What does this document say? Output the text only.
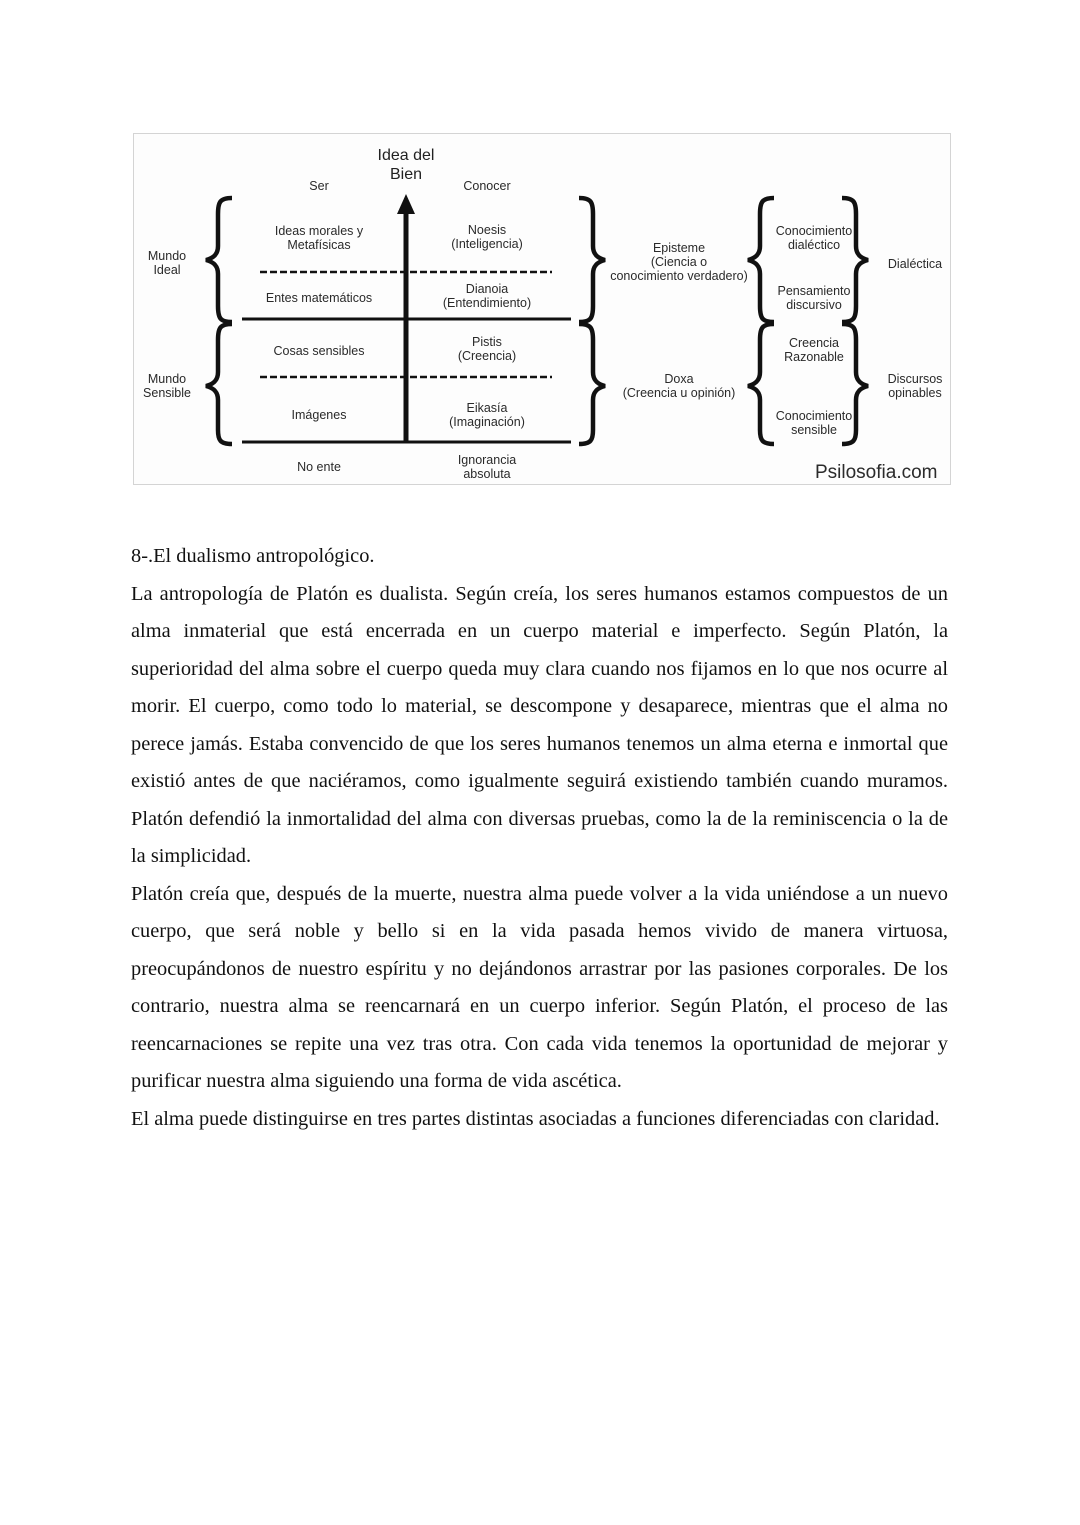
Idea del
Bien
Ser	Conocer
Mundo
Ideal
Mundo
Sensible
Ideas morales y
Metafísicas
Noesis
(Inteligencia)
Entes matemáticos
Dianoia
(Entendimiento)
Cosas sensibles
Pistis
(Creencia)
Imágenes	Eikasía
(Imaginación)
No ente	Ignorancia
absoluta
Episteme
(Ciencia o
conocimiento verdadero)
Doxa
(Creencia u opinión)
Conocimiento
dialéctico
Pensamiento
discursivo
Creencia
Razonable
Conocimiento
sensible
Dialéctica
Discursos
opinables
Psilosofia.com
8-.El dualismo antropológico.

La antropología de Platón es dualista. Según creía, los seres humanos estamos compuestos de un alma inmaterial que está encerrada en un cuerpo material e imperfecto. Según Platón, la superioridad del alma sobre el cuerpo queda muy clara cuando nos fijamos en lo que nos ocurre al morir. El cuerpo, como todo lo material, se descompone y desaparece, mientras que el alma no perece jamás. Estaba convencido de que los seres humanos tenemos un alma eterna e inmortal que existió antes de que naciéramos, como igualmente seguirá existiendo también cuando muramos. Platón defendió la inmortalidad del alma con diversas pruebas, como la de la reminiscencia o la de la simplicidad.

Platón creía que, después de la muerte, nuestra alma puede volver a la vida uniéndose a un nuevo cuerpo, que será noble y bello si en la vida pasada hemos vivido de manera virtuosa, preocupándonos de nuestro espíritu y no dejándonos arrastrar por las pasiones corporales. De los contrario, nuestra alma se reencarnará en un cuerpo inferior. Según Platón, el proceso de las reencarnaciones se repite una vez tras otra. Con cada vida tenemos la oportunidad de mejorar y purificar nuestra alma siguiendo una forma de vida ascética.

El alma puede distinguirse en tres partes distintas asociadas a funciones diferenciadas con claridad.
